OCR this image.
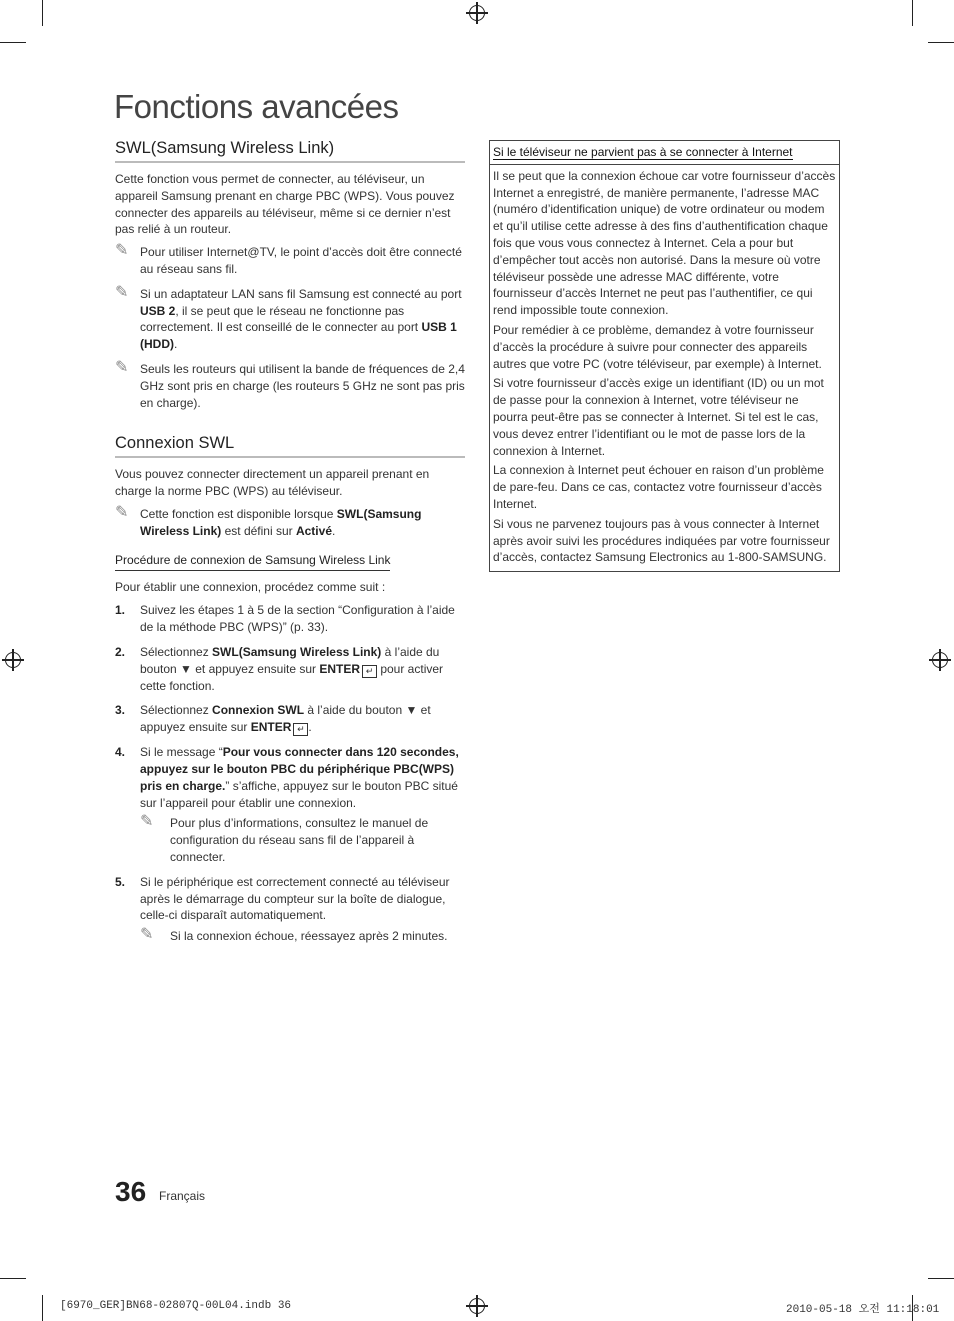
Fonctions avancées
SWL(Samsung Wireless Link)

Cette fonction vous permet de connecter, au téléviseur, un appareil Samsung prenant en charge PBC (WPS). Vous pouvez connecter des appareils au téléviseur, même si ce dernier n’est pas relié à un routeur.

✎ Pour utiliser Internet@TV, le point d’accès doit être connecté au réseau sans fil.
✎ Si un adaptateur LAN sans fil Samsung est connecté au port USB 2, il se peut que le réseau ne fonctionne pas correctement. Il est conseillé de le connecter au port USB 1 (HDD).
✎ Seuls les routeurs qui utilisent la bande de fréquences de 2,4 GHz sont pris en charge (les routeurs 5 GHz ne sont pas pris en charge).
Connexion SWL

Vous pouvez connecter directement un appareil prenant en charge la norme PBC (WPS) au téléviseur.

✎ Cette fonction est disponible lorsque SWL(Samsung Wireless Link) est défini sur Activé.
Procédure de connexion de Samsung Wireless Link

Pour établir une connexion, procédez comme suit :

1. Suivez les étapes 1 à 5 de la section “Configuration à l’aide de la méthode PBC (WPS)” (p. 33).
2. Sélectionnez SWL(Samsung Wireless Link) à l’aide du bouton ▼ et appuyez ensuite sur ENTER ↵ pour activer cette fonction.
3. Sélectionnez Connexion SWL à l’aide du bouton ▼ et appuyez ensuite sur ENTER ↵ .
4. Si le message “Pour vous connecter dans 120 secondes, appuyez sur le bouton PBC du périphérique PBC(WPS) pris en charge.” s’affiche, appuyez sur le bouton PBC situé sur l’appareil pour établir une connexion.
✎ Pour plus d’informations, consultez le manuel de configuration du réseau sans fil de l’appareil à connecter.
5. Si le périphérique est correctement connecté au téléviseur après le démarrage du compteur sur la boîte de dialogue, celle-ci disparaît automatiquement.
✎ Si la connexion échoue, réessayez après 2 minutes.
Si le téléviseur ne parvient pas à se connecter à Internet

Il se peut que la connexion échoue car votre fournisseur d’accès Internet a enregistré, de manière permanente, l’adresse MAC (numéro d’identification unique) de votre ordinateur ou modem et qu’il utilise cette adresse à des fins d’authentification chaque fois que vous vous connectez à Internet. Cela a pour but d’empêcher tout accès non autorisé. Dans la mesure où votre téléviseur possède une adresse MAC différente, votre fournisseur d’accès Internet ne peut pas l’authentifier, ce qui rend impossible toute connexion.

Pour remédier à ce problème, demandez à votre fournisseur d’accès la procédure à suivre pour connecter des appareils autres que votre PC (votre téléviseur, par exemple) à Internet.

Si votre fournisseur d’accès exige un identifiant (ID) ou un mot de passe pour la connexion à Internet, votre téléviseur ne pourra peut-être pas se connecter à Internet. Si tel est le cas, vous devez entrer l’identifiant ou le mot de passe lors de la connexion à Internet.

La connexion à Internet peut échouer en raison d’un problème de pare-feu. Dans ce cas, contactez votre fournisseur d’accès Internet.

Si vous ne parvenez toujours pas à vous connecter à Internet après avoir suivi les procédures indiquées par votre fournisseur d’accès, contactez Samsung Electronics au 1-800-SAMSUNG.

36 Français
[6970_GER]BN68-02807Q-00L04.indb 36	2010-05-18 오전 11:18:01
